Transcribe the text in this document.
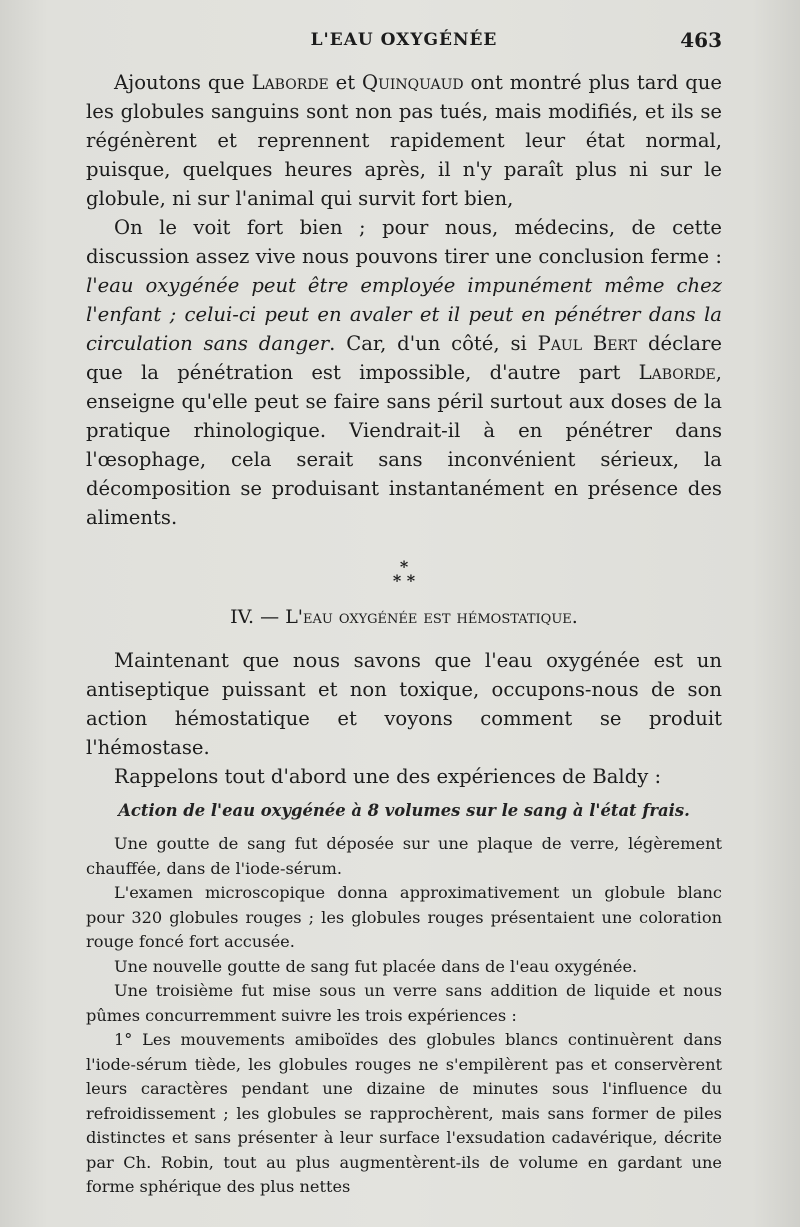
L'EAU OXYGÉNÉE	463

Ajoutons que Laborde et Quinquaud ont montré plus tard que les globules sanguins sont non pas tués, mais modifiés, et ils se régénèrent et reprennent rapidement leur état normal, puisque, quelques heures après, il n'y paraît plus ni sur le globule, ni sur l'animal qui survit fort bien,

On le voit fort bien ; pour nous, médecins, de cette discussion assez vive nous pouvons tirer une conclusion ferme : l'eau oxygénée peut être employée impunément même chez l'enfant ; celui-ci peut en avaler et il peut en pénétrer dans la circulation sans danger. Car, d'un côté, si Paul Bert déclare que la pénétration est impossible, d'autre part Laborde, enseigne qu'elle peut se faire sans péril surtout aux doses de la pratique rhinologique. Viendrait-il à en pénétrer dans l'œsophage, cela serait sans inconvénient sérieux, la décomposition se produisant instantanément en présence des aliments.

*
* *
IV. — L'eau oxygénée est hémostatique.

Maintenant que nous savons que l'eau oxygénée est un antiseptique puissant et non toxique, occupons-nous de son action hémostatique et voyons comment se produit l'hémostase.

Rappelons tout d'abord une des expériences de Baldy :

Action de l'eau oxygénée à 8 volumes sur le sang à l'état frais.

Une goutte de sang fut déposée sur une plaque de verre, légèrement chauffée, dans de l'iode-sérum.

L'examen microscopique donna approximativement un globule blanc pour 320 globules rouges ; les globules rouges présentaient une coloration rouge foncé fort accusée.

Une nouvelle goutte de sang fut placée dans de l'eau oxygénée.

Une troisième fut mise sous un verre sans addition de liquide et nous pûmes concurremment suivre les trois expériences :

1° Les mouvements amiboïdes des globules blancs continuèrent dans l'iode-sérum tiède, les globules rouges ne s'empilèrent pas et conservèrent leurs caractères pendant une dizaine de minutes sous l'influence du refroidissement ; les globules se rapprochèrent, mais sans former de piles distinctes et sans présenter à leur surface l'exsudation cadavérique, décrite par Ch. Robin, tout au plus augmentèrent-ils de volume en gardant une forme sphérique des plus nettes
